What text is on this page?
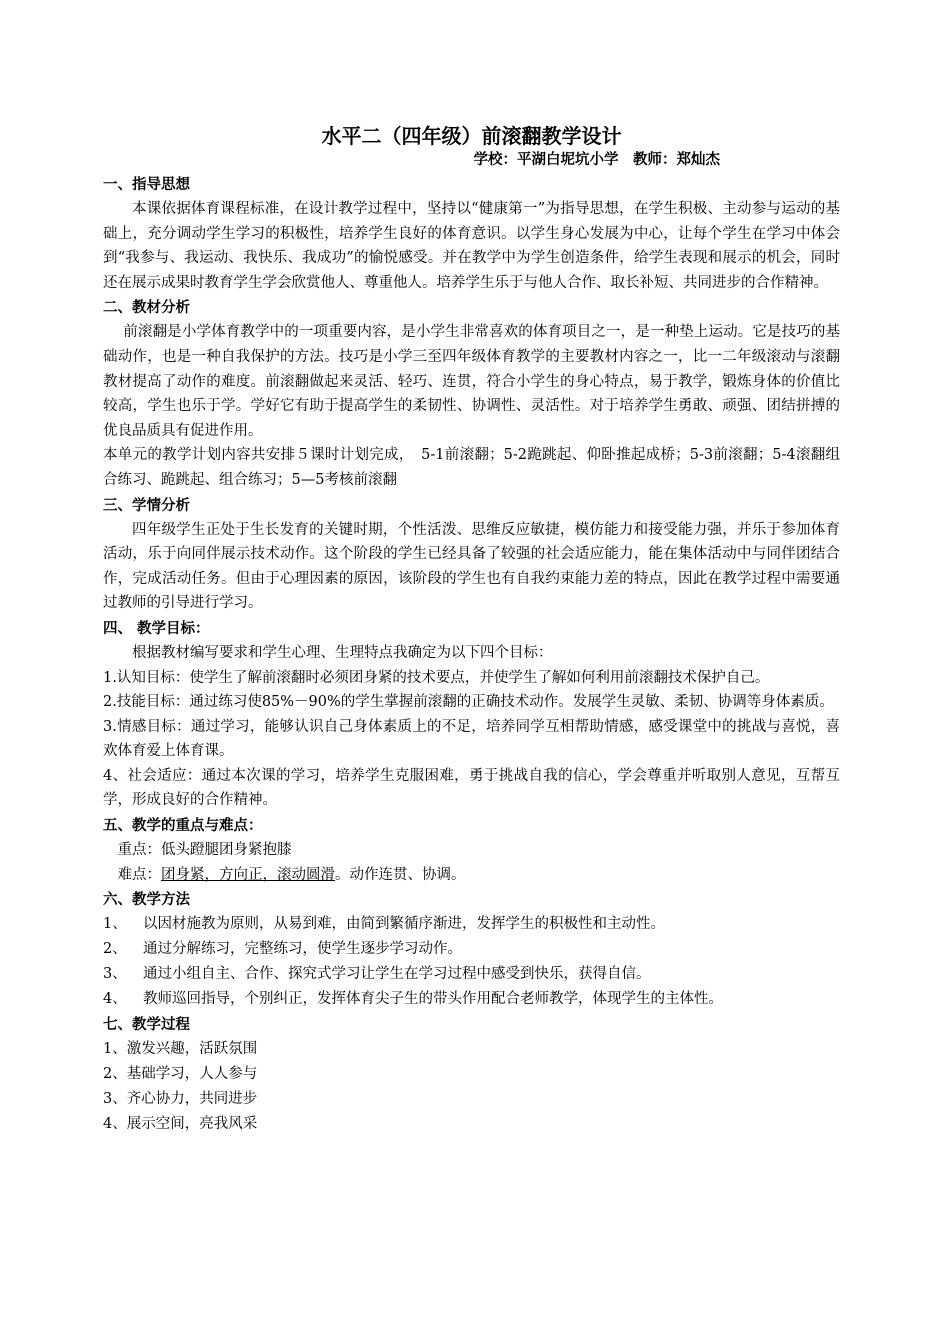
水平二（四年级）前滚翻教学设计
学校：平湖白坭坑小学　教师：郑灿杰
一、指导思想

本课依据体育课程标准，在设计教学过程中，坚持以“健康第一”为指导思想，在学生积极、主动参与运动的基础上，充分调动学生学习的积极性，培养学生良好的体育意识。以学生身心发展为中心，让每个学生在学习中体会到“我参与、我运动、我快乐、我成功”的愉悦感受。并在教学中为学生创造条件，给学生表现和展示的机会，同时还在展示成果时教育学生学会欣赏他人、尊重他人。培养学生乐于与他人合作、取长补短、共同进步的合作精神。

二、教材分析

前滚翻是小学体育教学中的一项重要内容，是小学生非常喜欢的体育项目之一，是一种垫上运动。它是技巧的基础动作，也是一种自我保护的方法。技巧是小学三至四年级体育教学的主要教材内容之一，比一二年级滚动与滚翻教材提高了动作的难度。前滚翻做起来灵活、轻巧、连贯，符合小学生的身心特点，易于教学，锻炼身体的价值比较高，学生也乐于学。学好它有助于提高学生的柔韧性、协调性、灵活性。对于培养学生勇敢、顽强、团结拼搏的优良品质具有促进作用。

本单元的教学计划内容共安排５课时计划完成，　5-1前滚翻；5-2跪跳起、仰卧推起成桥；5-3前滚翻；5-4滚翻组合练习、跪跳起、组合练习；5—5考核前滚翻

三、学情分析

四年级学生正处于生长发育的关键时期，个性活泼、思维反应敏捷，模仿能力和接受能力强，并乐于参加体育活动，乐于向同伴展示技术动作。这个阶段的学生已经具备了较强的社会适应能力，能在集体活动中与同伴团结合作，完成活动任务。但由于心理因素的原因，该阶段的学生也有自我约束能力差的特点，因此在教学过程中需要通过教师的引导进行学习。

四、 教学目标：

根据教材编写要求和学生心理、生理特点我确定为以下四个目标：

1.认知目标：使学生了解前滚翻时必须团身紧的技术要点，并使学生了解如何利用前滚翻技术保护自己。

2.技能目标：通过练习使85%－90%的学生掌握前滚翻的正确技术动作。发展学生灵敏、柔韧、协调等身体素质。

3.情感目标：通过学习，能够认识自己身体素质上的不足，培养同学互相帮助情感，感受课堂中的挑战与喜悦，喜欢体育爱上体育课。

4、社会适应：通过本次课的学习，培养学生克服困难，勇于挑战自我的信心，学会尊重并听取别人意见，互帮互学，形成良好的合作精神。

五、教学的重点与难点：

重点：低头蹬腿团身紧抱膝

难点：团身紧，方向正，滚动圆滑。动作连贯、协调。

六、教学方法
1、	以因材施教为原则，从易到难，由简到繁循序渐进，发挥学生的积极性和主动性。
2、	通过分解练习，完整练习，使学生逐步学习动作。
3、	通过小组自主、合作、探究式学习让学生在学习过程中感受到快乐，获得自信。
4、	教师巡回指导，个别纠正，发挥体育尖子生的带头作用配合老师教学，体现学生的主体性。
七、教学过程

1、激发兴趣，活跃氛围

2、基础学习，人人参与

3、齐心协力，共同进步

4、展示空间，亮我风采
